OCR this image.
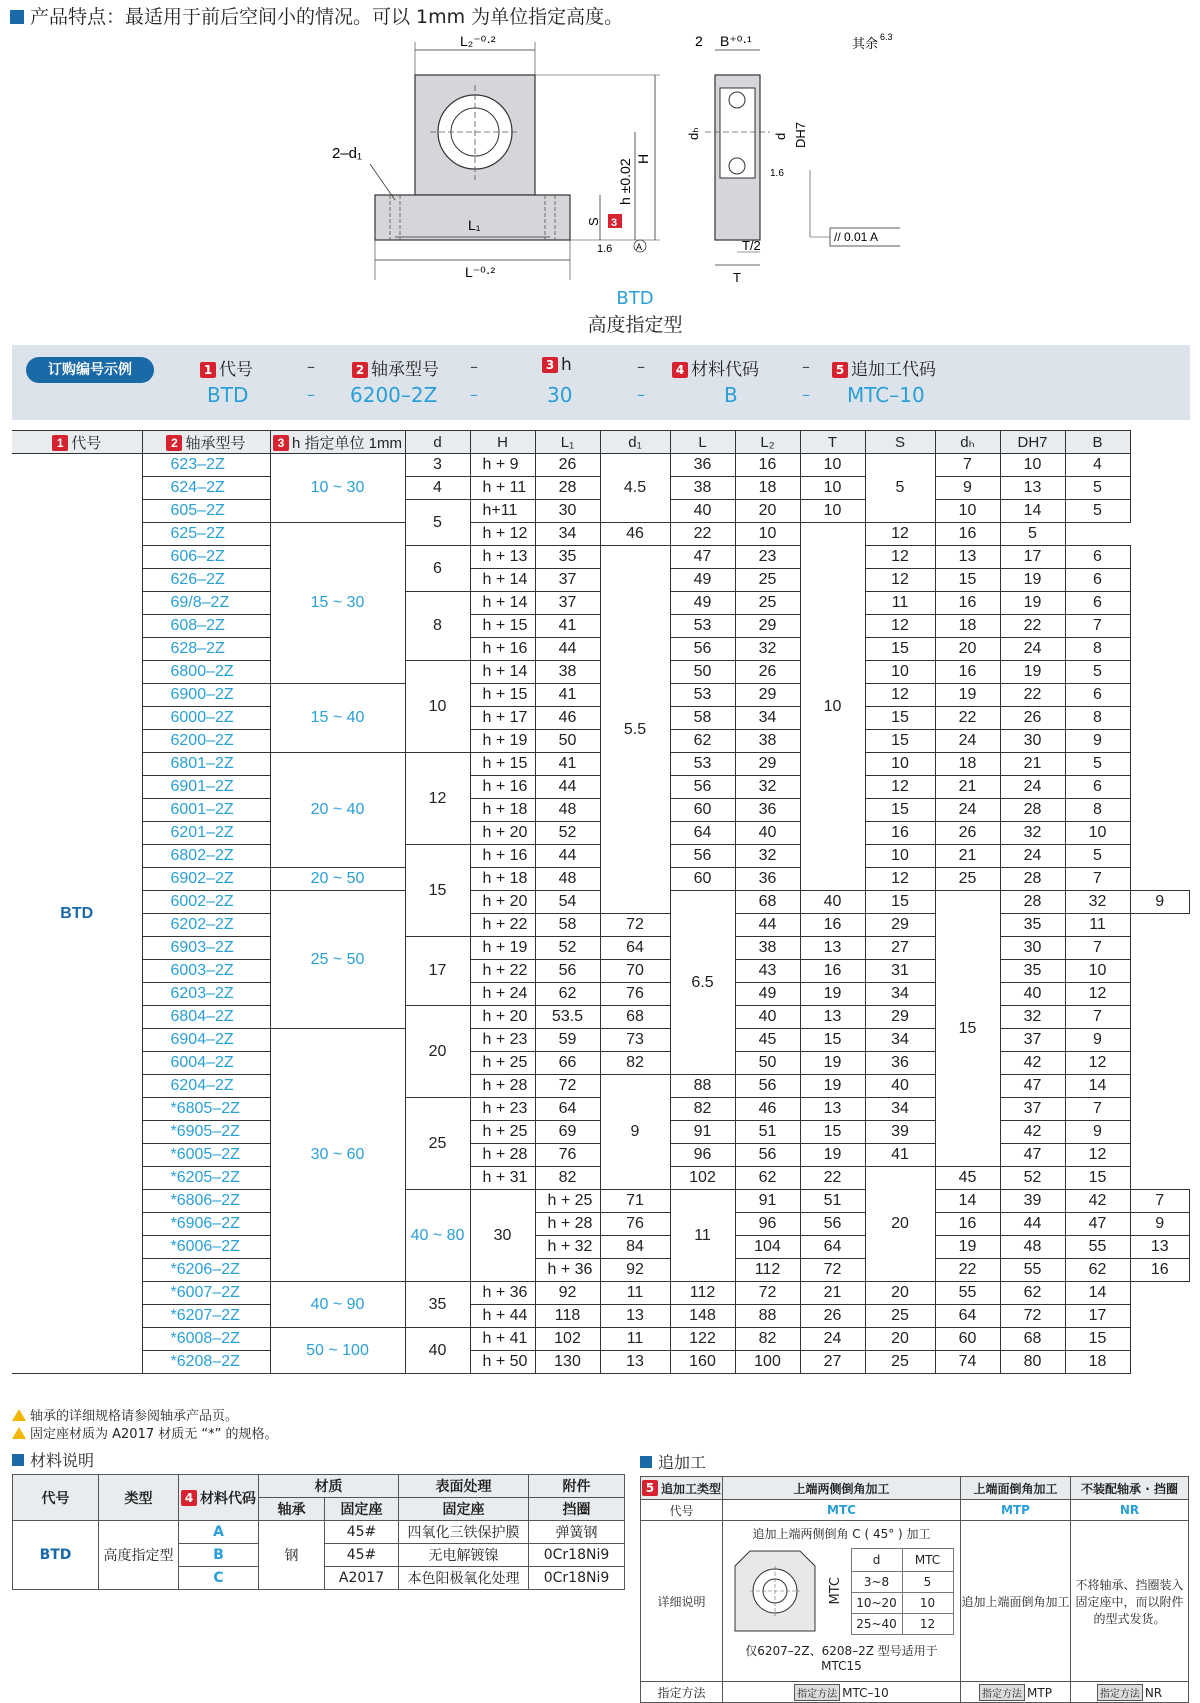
产品特点：最适用于前后空间小的情况。可以 1mm 为单位指定高度。
L₂⁻⁰·²
L₁
L⁻⁰·²
2–d₁	H
h ±0.02
3
S
1.6	A
2 B⁺⁰·¹	其余 6.3
dₕ	d DH7
1.6
// 0.01 A
T/2
T
BTD
高度指定型
订购编号示例	1 代号
BTD
–
–
2 轴承型号
6200–2Z
–
–
3 h
30
–
–
4 材料代码
B
–
–
5 追加工代码
MTC–10
1 代号	2 轴承型号	3 h 指定单位 1mm	d	H	L₁	d₁	L	L₂	T	S	dₕ	DH7	B	
BTD	623–2Z	10 ~ 30	3	h + 9	26	4.5	36	16	10	5	7	10	4	
	624–2Z		4	h + 11	28		38	18	10		9	13	5	
	605–2Z		5	h+11	30		40	20	10		10	14	5	
	625–2Z	15 ~ 30		h + 12	34	46	22	10	10	12	16	5		
	606–2Z		6	h + 13	35	5.5	47	23		12	13	17	6	
	626–2Z			h + 14	37		49	25		12	15	19	6	
	69/8–2Z		8	h + 14	37		49	25		11	16	19	6	
	608–2Z			h + 15	41		53	29		12	18	22	7	
	628–2Z			h + 16	44		56	32		15	20	24	8	
	6800–2Z		10	h + 14	38		50	26		10	16	19	5	
	6900–2Z	15 ~ 40		h + 15	41		53	29		12	19	22	6	
	6000–2Z			h + 17	46		58	34		15	22	26	8	
	6200–2Z			h + 19	50		62	38		15	24	30	9	
	6801–2Z	20 ~ 40	12	h + 15	41		53	29		10	18	21	5	
	6901–2Z			h + 16	44		56	32		12	21	24	6	
	6001–2Z			h + 18	48		60	36		15	24	28	8	
	6201–2Z			h + 20	52		64	40		16	26	32	10	
	6802–2Z		15	h + 16	44		56	32		10	21	24	5	
	6902–2Z	20 ~ 50		h + 18	48		60	36		12	25	28	7	
	6002–2Z	25 ~ 50		h + 20	54		6.5	68	40	15	15	28	32	9
	6202–2Z			h + 22	58	72		44	16	29		35	11	
	6903–2Z		17	h + 19	52	64		38	13	27		30	7	
	6003–2Z			h + 22	56	70		43	16	31		35	10	
	6203–2Z			h + 24	62	76		49	19	34		40	12	
	6804–2Z		20	h + 20	53.5	68		40	13	29		32	7	
	6904–2Z	30 ~ 60		h + 23	59	73		45	15	34		37	9	
	6004–2Z			h + 25	66	82		50	19	36		42	12	
	6204–2Z			h + 28	72	9	88	56	19	40		47	14	
	*6805–2Z		25	h + 23	64		82	46	13	34		37	7	
	*6905–2Z			h + 25	69		91	51	15	39		42	9	
	*6005–2Z			h + 28	76		96	56	19	41		47	12	
	*6205–2Z			h + 31	82		102	62	22	20	45	52	15	
	*6806–2Z		40 ~ 80	30	h + 25	71	11	91	51		14	39	42	7
	*6906–2Z				h + 28	76		96	56		16	44	47	9
	*6006–2Z				h + 32	84		104	64		19	48	55	13
	*6206–2Z				h + 36	92		112	72		22	55	62	16
	*6007–2Z	40 ~ 90	35	h + 36	92	11	112	72	21	20	55	62	14	
	*6207–2Z			h + 44	118	13	148	88	26	25	64	72	17	
	*6008–2Z	50 ~ 100	40	h + 41	102	11	122	82	24	20	60	68	15	
	*6208–2Z			h + 50	130	13	160	100	27	25	74	80	18	
轴承的详细规格请参阅轴承产品页。
固定座材质为 A2017 材质无 “*” 的规格。
材料说明
代号	类型	4 材料代码	材质		表面处理	附件
			轴承	固定座	固定座	挡圈
BTD	高度指定型	A	钢	45#	四氧化三铁保护膜	弹簧钢
		B		45#	无电解镀镍	0Cr18Ni9
		C		A2017	本色阳极氧化处理	0Cr18Ni9
追加工
5 追加工类型	上端两侧倒角加工	上端面倒角加工	不装配轴承 · 挡圈
代号	MTC	MTP	NR
详细说明	
追加上端两侧倒角 C ( 45° ) 加工
MTC
d	MTC
3~8	5
10~20	10
25~40	12
仅6207–2Z、6208–2Z 型号适用于 MTC15
	追加上端面倒角加工	不将轴承、挡圈装入固定座中，而以附件的型式发货。
指定方法	指定方法 MTC–10	指定方法 MTP	指定方法 NR
